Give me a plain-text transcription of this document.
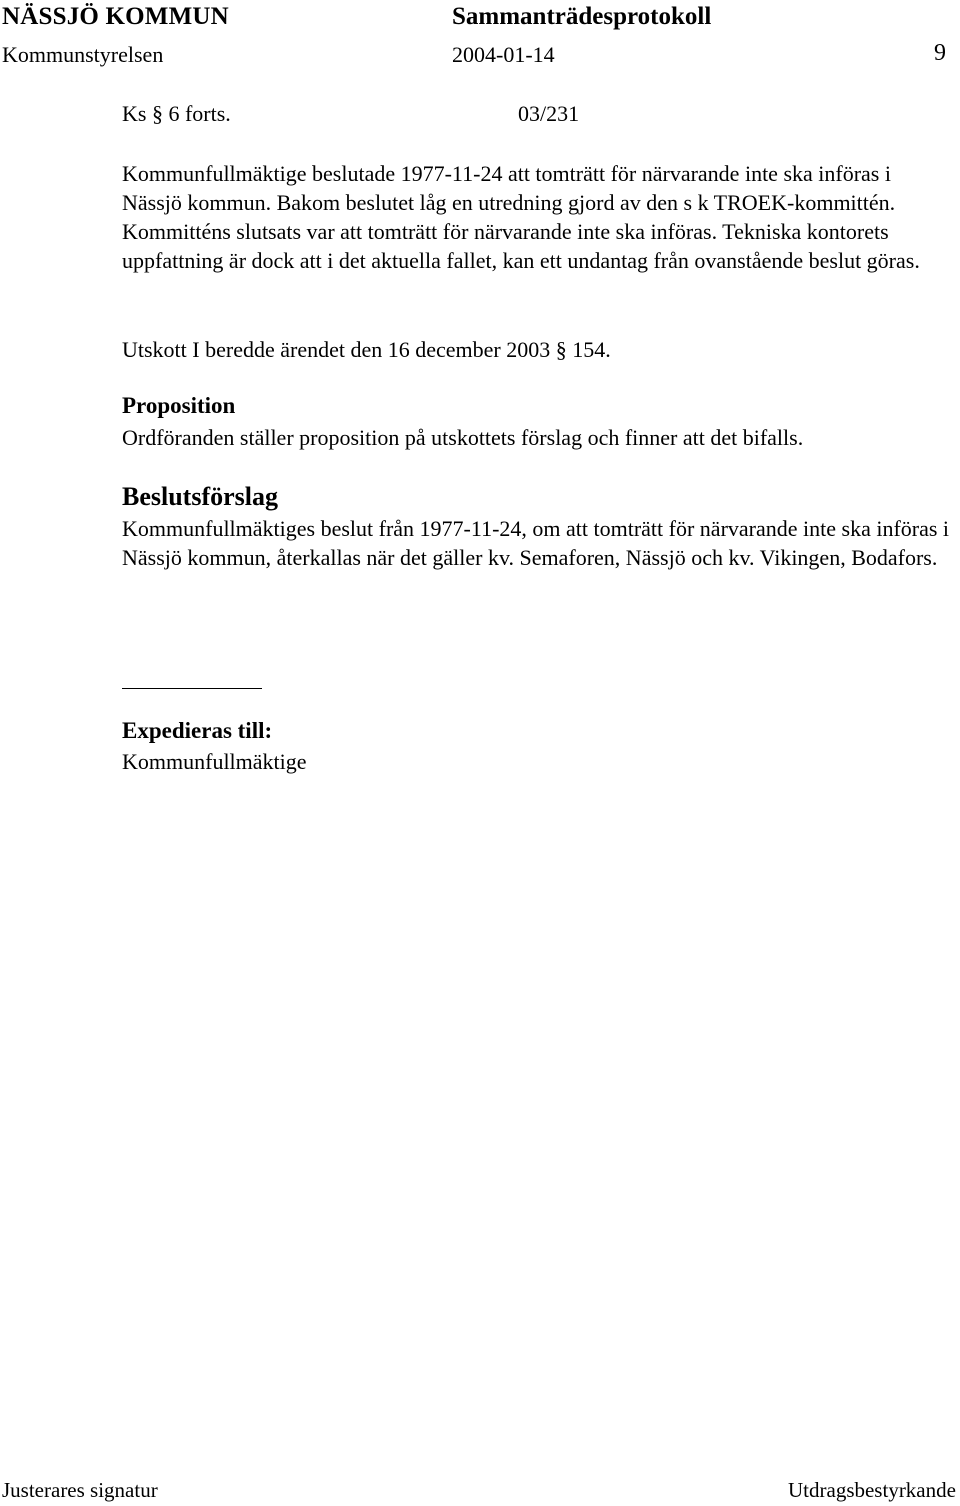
NÄSSJÖ KOMMUN	Sammanträdesprotokoll
Kommunstyrelsen	2004-01-14	9
Ks § 6 forts.	03/231
Kommunfullmäktige beslutade 1977-11-24 att tomträtt för närvarande inte ska införas i Nässjö kommun. Bakom beslutet låg en utredning gjord av den s k TROEK-kommittén. Kommitténs slutsats var att tomträtt för närvarande inte ska införas. Tekniska kontorets uppfattning är dock att i det aktuella fallet, kan ett undantag från ovanstående beslut göras.
Utskott I beredde ärendet den 16 december 2003 § 154.
Proposition
Ordföranden ställer proposition på utskottets förslag och finner att det bifalls.
Beslutsförslag
Kommunfullmäktiges beslut från 1977-11-24, om att tomträtt för närvarande inte ska införas i Nässjö kommun, återkallas när det gäller kv. Semaforen, Nässjö och kv. Vikingen, Bodafors.
Expedieras till:
Kommunfullmäktige
Justerares signatur	Utdragsbestyrkande
